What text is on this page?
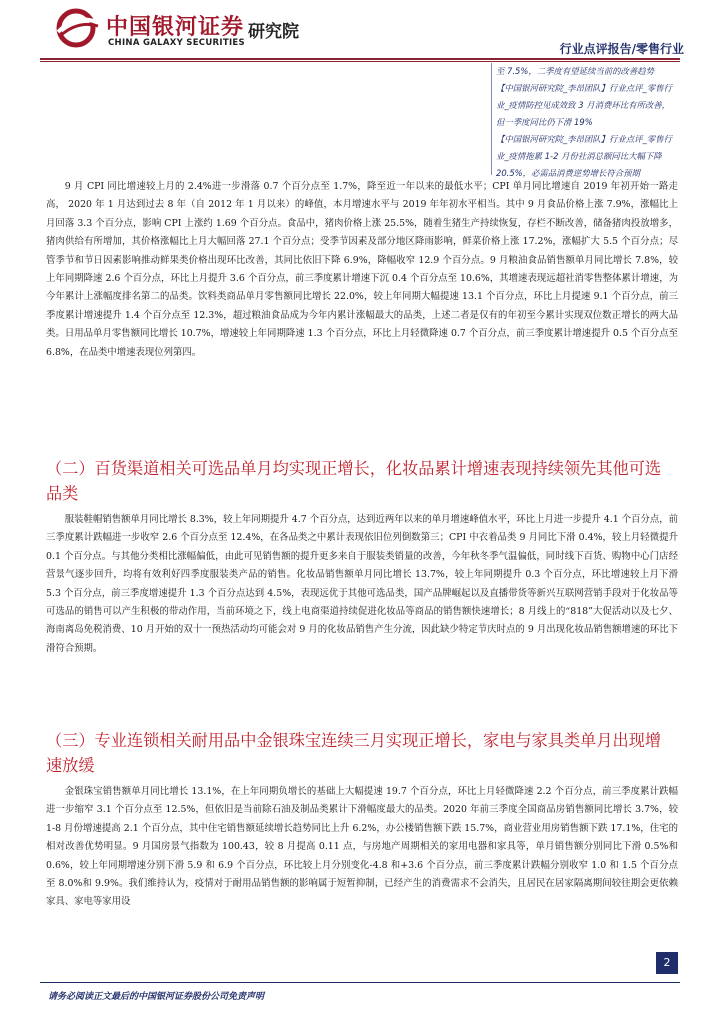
中国银河证券
CHINA GALAXY SECURITIES
研究院
行业点评报告/零售行业
至 7.5%，二季度有望延续当前的改善趋势
【中国银河研究院_李昂团队】行业点评_零售行
业_疫情防控见成效致 3 月消费环比有所改善，
但一季度同比仍下滑 19%
【中国银河研究院_李昂团队】行业点评_零售行
业_疫情拖累 1-2 月份社消总额同比大幅下降
20.5%，必需品消费逆势增长符合预期

9 月 CPI 同比增速较上月的 2.4%进一步滑落 0.7 个百分点至 1.7%，降至近一年以来的最低水平；CPI 单月同比增速自 2019 年初开始一路走高， 2020 年 1 月达到过去 8 年（自 2012 年 1 月以来）的峰值，本月增速水平与 2019 年年初水平相当。其中 9 月食品价格上涨 7.9%，涨幅比上月回落 3.3 个百分点，影响 CPI 上涨约 1.69 个百分点。食品中，猪肉价格上涨 25.5%，随着生猪生产持续恢复，存栏不断改善，储备猪肉投放增多，猪肉供给有所增加，其价格涨幅比上月大幅回落 27.1 个百分点；受季节因素及部分地区降雨影响，鲜菜价格上涨 17.2%，涨幅扩大 5.5 个百分点；尽管季节和节日因素影响推动鲜果类价格出现环比改善，其同比依旧下降 6.9%，降幅收窄 12.9 个百分点。9 月粮油食品销售额单月同比增长 7.8%，较上年同期降速 2.6 个百分点，环比上月提升 3.6 个百分点，前三季度累计增速下沉 0.4 个百分点至 10.6%，其增速表现远超社消零售整体累计增速，为今年累计上涨幅度排名第二的品类。饮料类商品单月零售额同比增长 22.0%，较上年同期大幅提速 13.1 个百分点，环比上月提速 9.1 个百分点，前三季度累计增速提升 1.4 个百分点至 12.3%，超过粮油食品成为今年内累计涨幅最大的品类，上述二者是仅有的年初至今累计实现双位数正增长的两大品类。日用品单月零售额同比增长 10.7%，增速较上年同期降速 1.3 个百分点，环比上月轻微降速 0.7 个百分点，前三季度累计增速提升 0.5 个百分点至 6.8%，在品类中增速表现位列第四。

（二）百货渠道相关可选品单月均实现正增长，化妆品累计增速表现持续领先其他可选品类

服装鞋帽销售额单月同比增长 8.3%，较上年同期提升 4.7 个百分点，达到近两年以来的单月增速峰值水平，环比上月进一步提升 4.1 个百分点，前三季度累计跌幅进一步收窄 2.6 个百分点至 12.4%，在各品类之中累计表现依旧位列倒数第三；CPI 中衣着品类 9 月同比下滑 0.4%，较上月轻微提升 0.1 个百分点。与其他分类相比涨幅偏低，由此可见销售额的提升更多来自于服装类销量的改善，今年秋冬季气温偏低，同时线下百货、购物中心门店经营景气逐步回升，均将有效利好四季度服装类产品的销售。化妆品销售额单月同比增长 13.7%，较上年同期提升 0.3 个百分点，环比增速较上月下滑 5.3 个百分点，前三季度增速提升 1.3 个百分点达到 4.5%，表现远优于其他可选品类，国产品牌崛起以及直播带货等新兴互联网营销手段对于化妆品等可选品的销售可以产生积极的带动作用，当前环境之下，线上电商渠道持续促进化妆品等商品的销售额快速增长；8 月线上的“818”大促活动以及七夕、海南离岛免税消费、10 月开始的双十一预热活动均可能会对 9 月的化妆品销售产生分流，因此缺少特定节庆时点的 9 月出现化妆品销售额增速的环比下滑符合预期。

（三）专业连锁相关耐用品中金银珠宝连续三月实现正增长，家电与家具类单月出现增速放缓

金银珠宝销售额单月同比增长 13.1%，在上年同期负增长的基础上大幅提速 19.7 个百分点，环比上月轻微降速 2.2 个百分点，前三季度累计跌幅进一步缩窄 3.1 个百分点至 12.5%，但依旧是当前除石油及制品类累计下滑幅度最大的品类。2020 年前三季度全国商品房销售额同比增长 3.7%，较 1-8 月份增速提高 2.1 个百分点，其中住宅销售额延续增长趋势同比上升 6.2%，办公楼销售额下跌 15.7%，商业营业用房销售额下跌 17.1%，住宅的相对改善优势明显。9 月国房景气指数为 100.43，较 8 月提高 0.11 点，与房地产周期相关的家用电器和家具等，单月销售额分别同比下滑 0.5%和 0.6%，较上年同期增速分别下滑 5.9 和 6.9 个百分点，环比较上月分别变化-4.8 和+3.6 个百分点，前三季度累计跌幅分别收窄 1.0 和 1.5 个百分点至 8.0%和 9.9%。我们维持认为，疫情对于耐用品销售额的影响属于短暂抑制，已经产生的消费需求不会消失，且居民在居家隔离期间较往期会更依赖家具、家电等家用设

2
请务必阅读正文最后的中国银河证券股份公司免责声明
